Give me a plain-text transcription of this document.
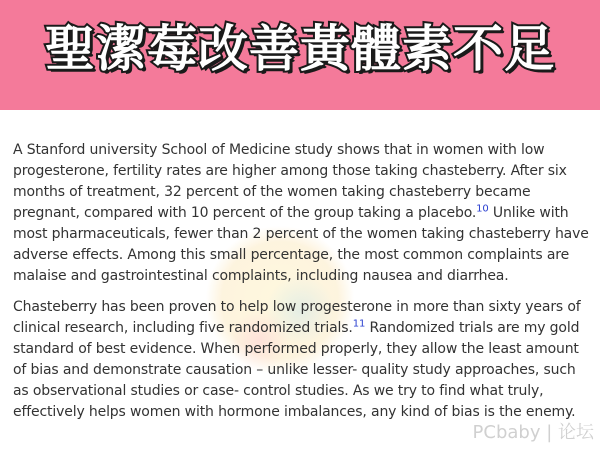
聖潔莓改善黃體素不足

A Stanford university School of Medicine study shows that in women with low progesterone, fertility rates are higher among those taking chasteberry. After six months of treatment, 32 percent of the women taking chasteberry became pregnant, compared with 10 percent of the group taking a placebo.$^{10}$ Unlike with most pharmaceuticals, fewer than 2 percent of the women taking chasteberry have adverse effects. Among this small percentage, the most common complaints are malaise and gastrointestinal complaints, including nausea and diarrhea.

Chasteberry has been proven to help low progesterone in more than sixty years of clinical research, including five randomized trials.$^{11}$ Randomized trials are my gold standard of best evidence. When performed properly, they allow the least amount of bias and demonstrate causation – unlike lesser- quality study approaches, such as observational studies or case- control studies. As we try to find what truly, effectively helps women with hormone imbalances, any kind of bias is the enemy.

PCbaby | 论坛
